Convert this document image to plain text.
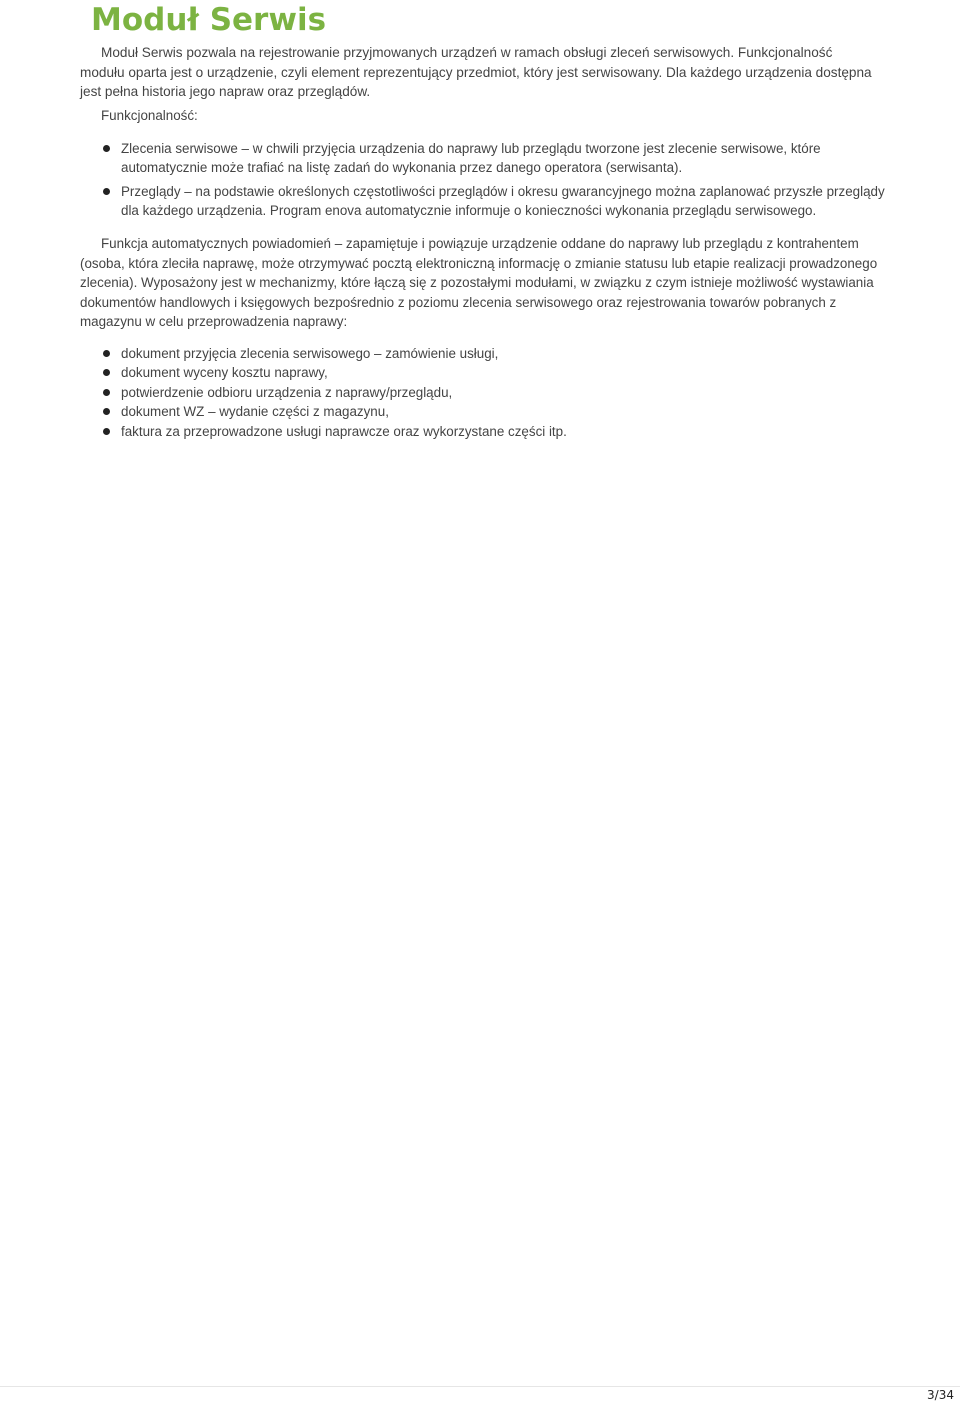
Moduł Serwis

Moduł Serwis pozwala na rejestrowanie przyjmowanych urządzeń w ramach obsługi zleceń serwisowych. Funkcjonalność modułu oparta jest o urządzenie, czyli element reprezentujący przedmiot, który jest serwisowany. Dla każdego urządzenia dostępna jest pełna historia jego napraw oraz przeglądów.

Funkcjonalność:

Zlecenia serwisowe – w chwili przyjęcia urządzenia do naprawy lub przeglądu tworzone jest zlecenie serwisowe, które automatycznie może trafiać na listę zadań do wykonania przez danego operatora (serwisanta).
Przeglądy – na podstawie określonych częstotliwości przeglądów i okresu gwarancyjnego można zaplanować przyszłe przeglądy dla każdego urządzenia. Program enova automatycznie informuje o konieczności wykonania przeglądu serwisowego.

Funkcja automatycznych powiadomień – zapamiętuje i powiązuje urządzenie oddane do naprawy lub przeglądu z kontrahentem (osoba, która zleciła naprawę, może otrzymywać pocztą elektroniczną informację o zmianie statusu lub etapie realizacji prowadzonego zlecenia). Wyposażony jest w mechanizmy, które łączą się z pozostałymi modułami, w związku z czym istnieje możliwość wystawiania dokumentów handlowych i księgowych bezpośrednio z poziomu zlecenia serwisowego oraz rejestrowania towarów pobranych z magazynu w celu przeprowadzenia naprawy:

dokument przyjęcia zlecenia serwisowego – zamówienie usługi,
dokument wyceny kosztu naprawy,
potwierdzenie odbioru urządzenia z naprawy/przeglądu,
dokument WZ – wydanie części z magazynu,
faktura za przeprowadzone usługi naprawcze oraz wykorzystane części itp.
3/34
